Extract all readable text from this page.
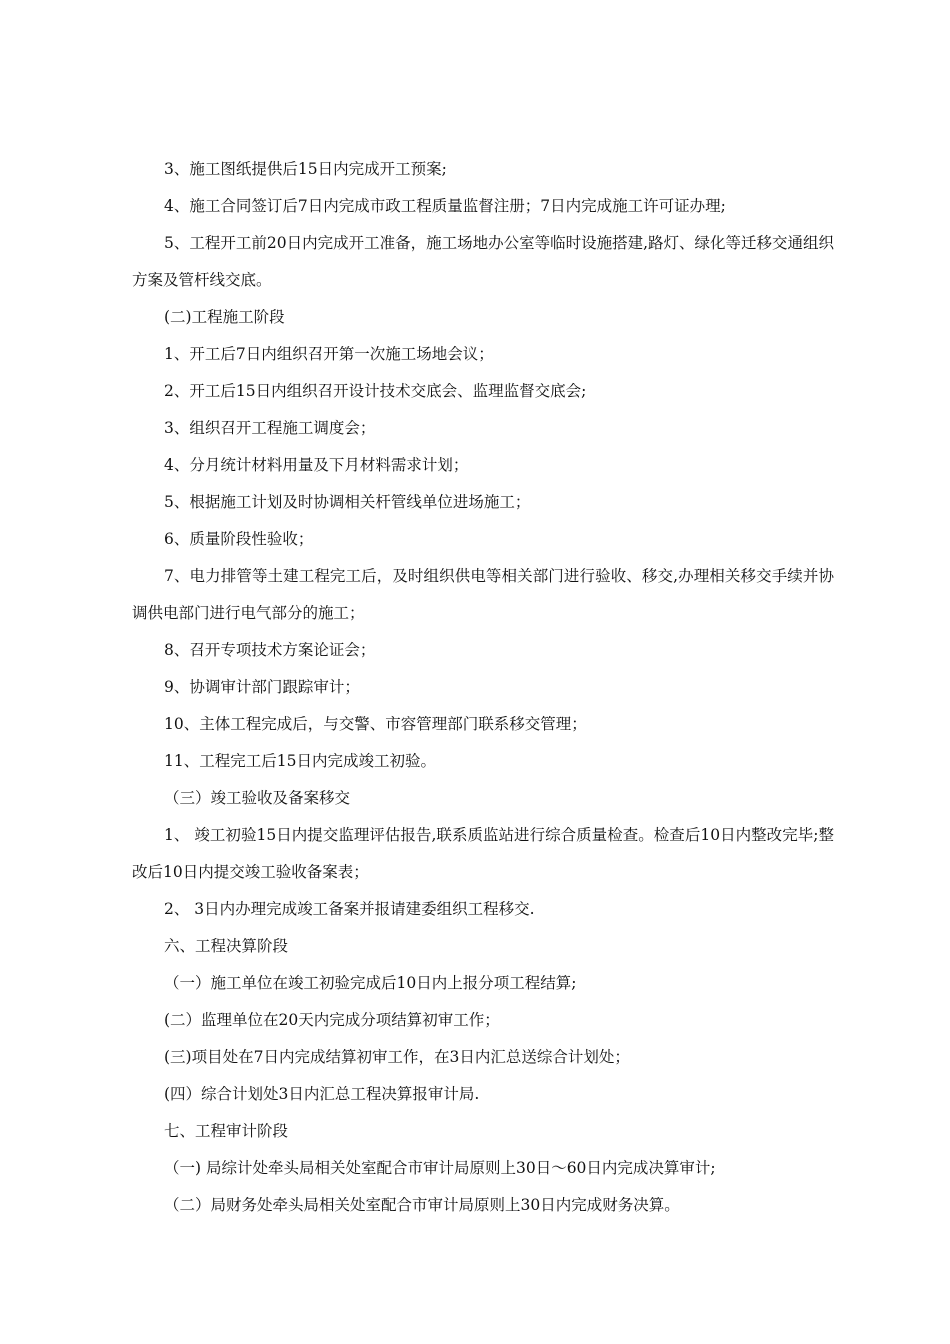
3、施工图纸提供后15日内完成开工预案;

4、施工合同签订后7日内完成市政工程质量监督注册；7日内完成施工许可证办理;

5、工程开工前20日内完成开工准备，施工场地办公室等临时设施搭建,路灯、绿化等迁移交通组织方案及管杆线交底。

(二)工程施工阶段

1、开工后7日内组织召开第一次施工场地会议；

2、开工后15日内组织召开设计技术交底会、监理监督交底会;

3、组织召开工程施工调度会；

4、分月统计材料用量及下月材料需求计划；

5、根据施工计划及时协调相关杆管线单位进场施工；

6、质量阶段性验收；

7、电力排管等土建工程完工后，及时组织供电等相关部门进行验收、移交,办理相关移交手续并协调供电部门进行电气部分的施工；

8、召开专项技术方案论证会；

9、协调审计部门跟踪审计；

10、主体工程完成后，与交警、市容管理部门联系移交管理；

11、工程完工后15日内完成竣工初验。

（三）竣工验收及备案移交

1、 竣工初验15日内提交监理评估报告,联系质监站进行综合质量检查。检查后10日内整改完毕;整改后10日内提交竣工验收备案表；

2、 3日内办理完成竣工备案并报请建委组织工程移交.

六、工程决算阶段

（一）施工单位在竣工初验完成后10日内上报分项工程结算;

(二）监理单位在20天内完成分项结算初审工作；

(三)项目处在7日内完成结算初审工作，在3日内汇总送综合计划处；

(四）综合计划处3日内汇总工程决算报审计局.

七、工程审计阶段

（一) 局综计处牵头局相关处室配合市审计局原则上30日～60日内完成决算审计;

（二）局财务处牵头局相关处室配合市审计局原则上30日内完成财务决算。
